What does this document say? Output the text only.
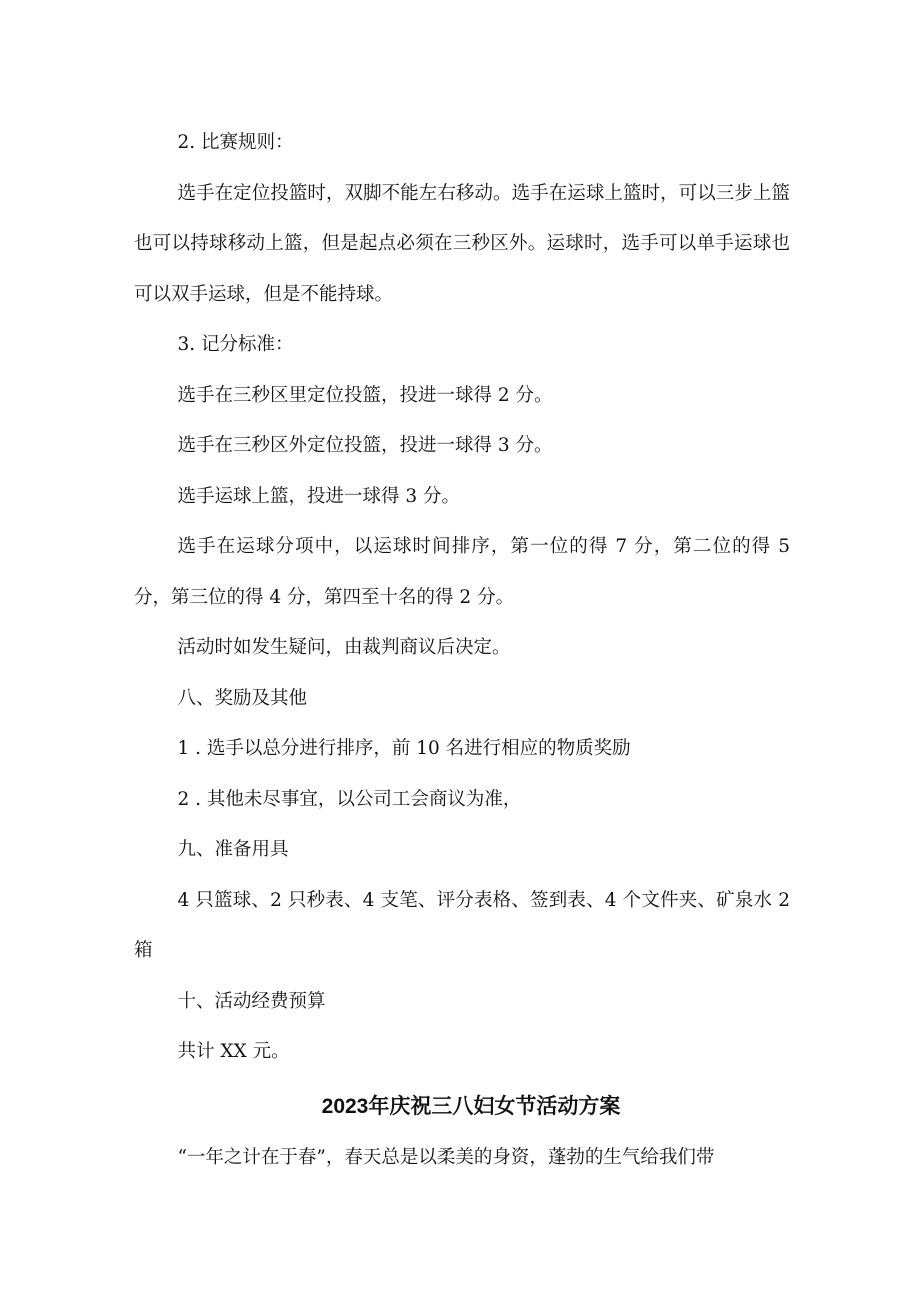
2. 比赛规则：

选手在定位投篮时，双脚不能左右移动。选手在运球上篮时，可以三步上篮也可以持球移动上篮，但是起点必须在三秒区外。运球时，选手可以单手运球也可以双手运球，但是不能持球。

3. 记分标准：

选手在三秒区里定位投篮，投进一球得 2 分。

选手在三秒区外定位投篮，投进一球得 3 分。

选手运球上篮，投进一球得 3 分。

选手在运球分项中，以运球时间排序，第一位的得 7 分，第二位的得 5 分，第三位的得 4 分，第四至十名的得 2 分。

活动时如发生疑问，由裁判商议后决定。

八、奖励及其他

1 . 选手以总分进行排序，前 10 名进行相应的物质奖励

2 . 其他未尽事宜，以公司工会商议为准，

九、准备用具

4 只篮球、2 只秒表、4 支笔、评分表格、签到表、4 个文件夹、矿泉水 2 箱

十、活动经费预算

共计 XX 元。

2023年庆祝三八妇女节活动方案

“一年之计在于春”，春天总是以柔美的身资，蓬勃的生气给我们带
